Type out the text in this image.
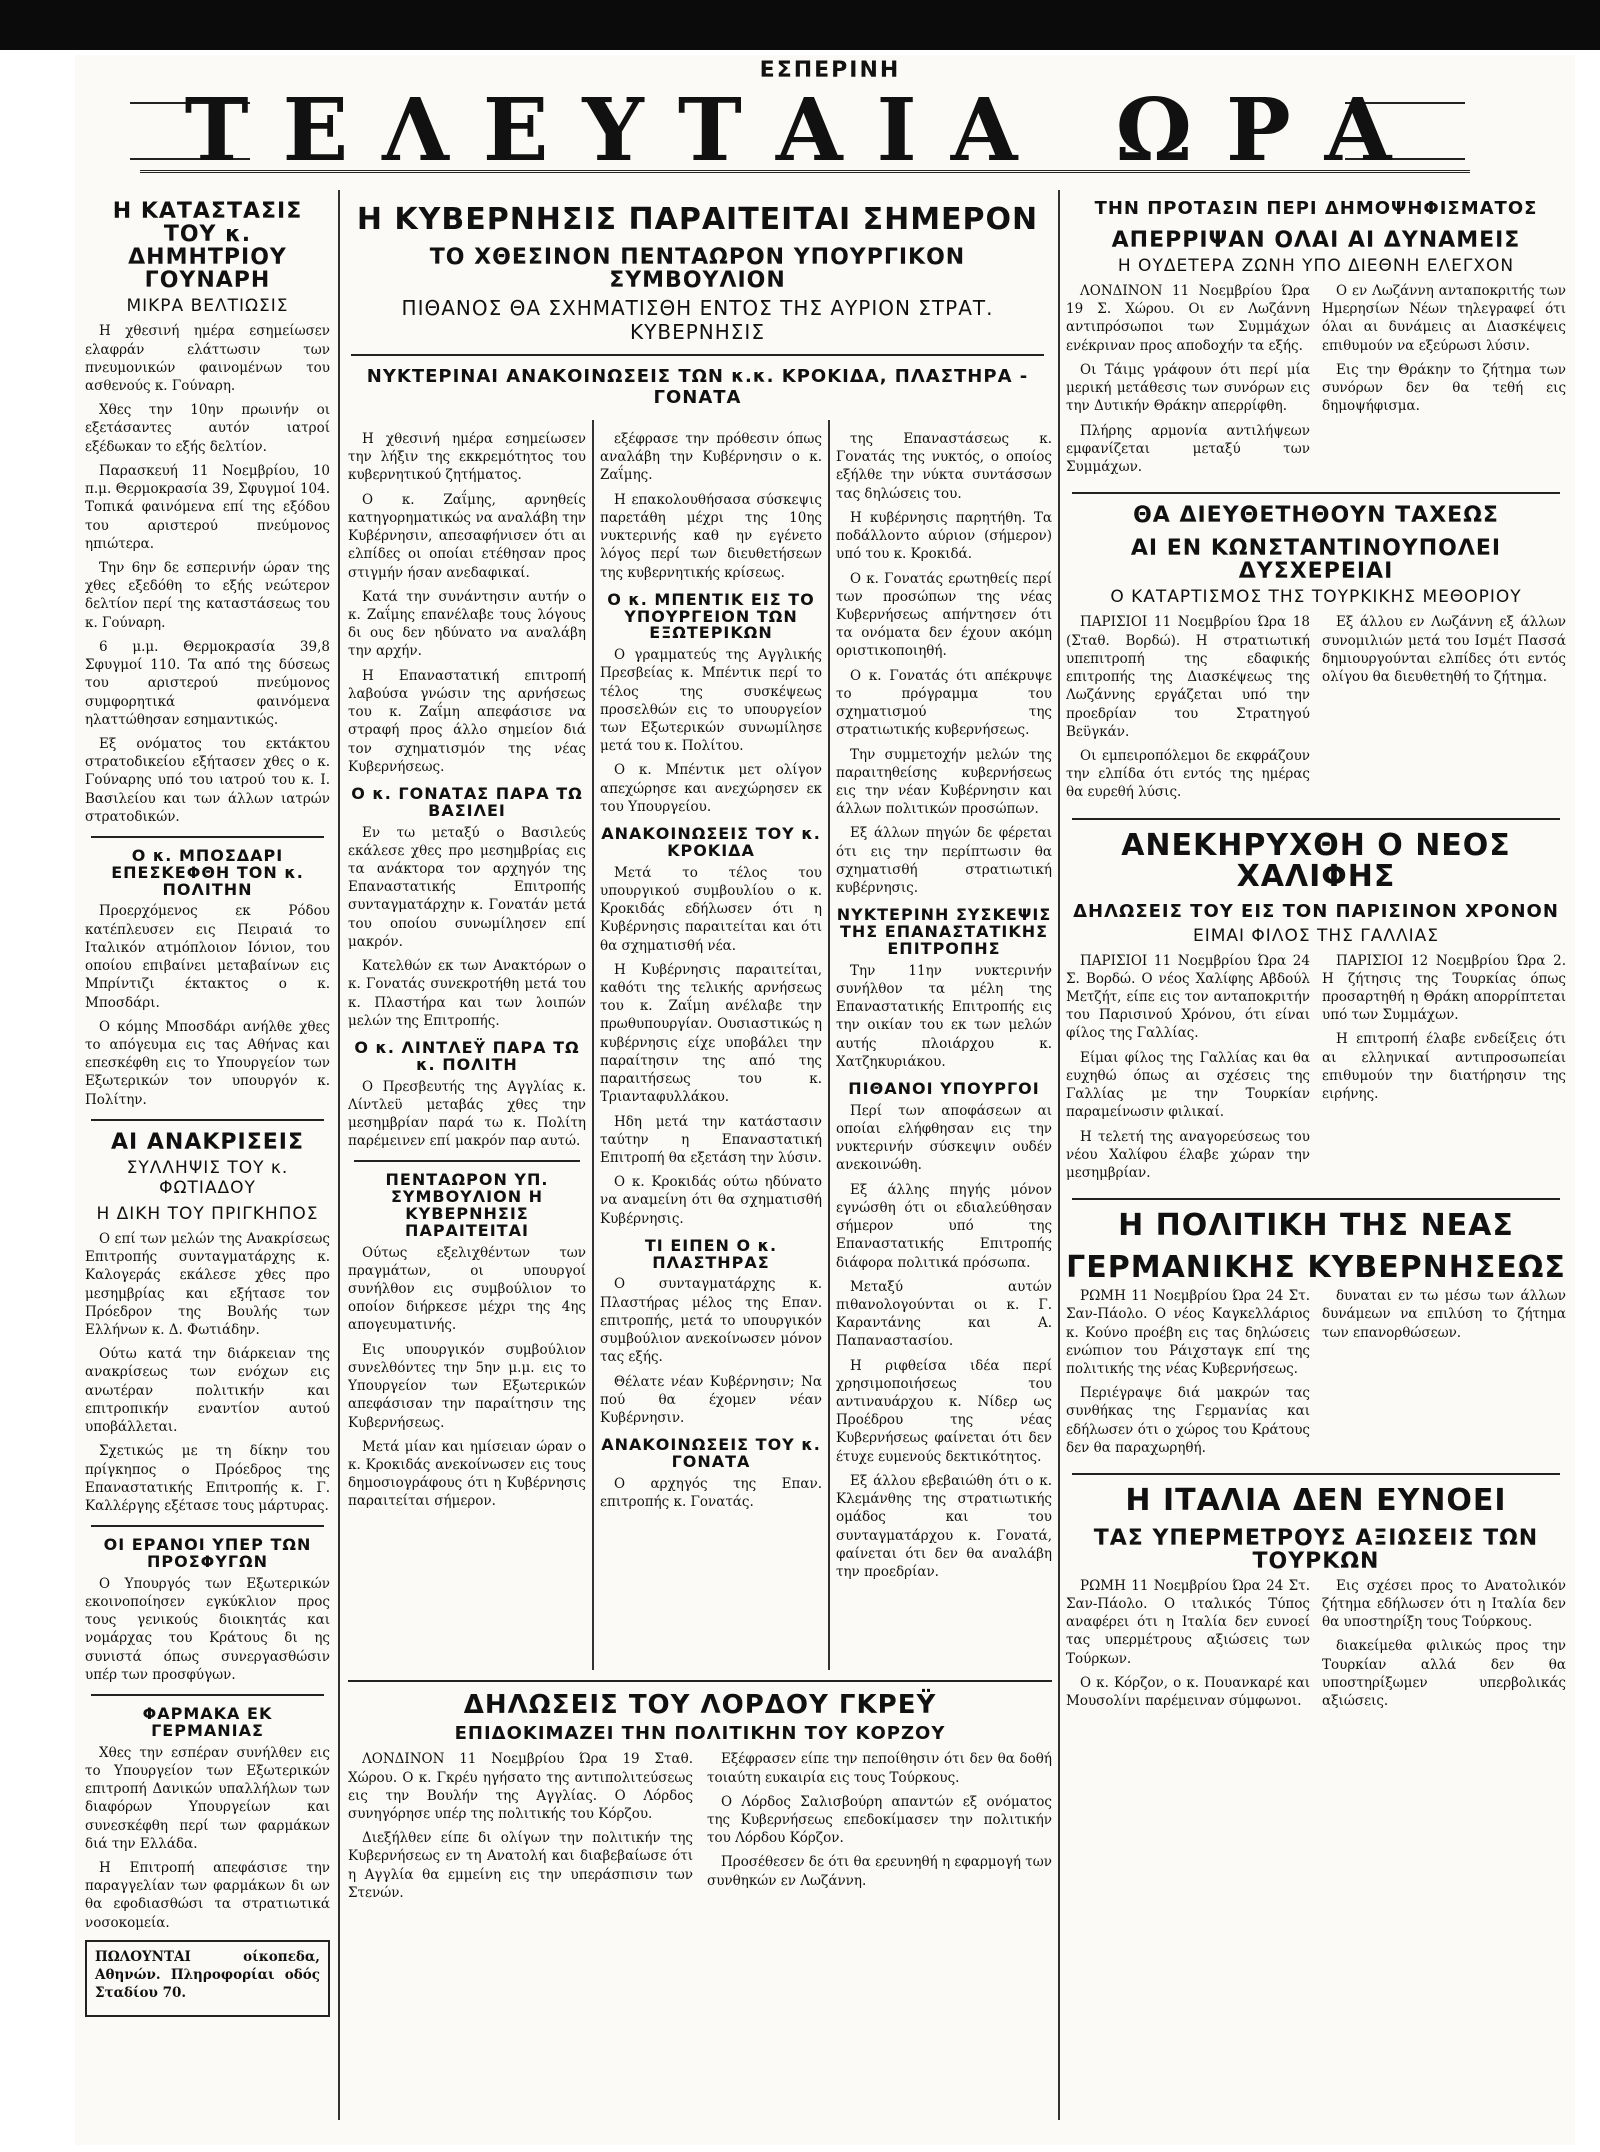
ΕΣΠΕΡΙΝΗ
ΤΕΛΕΥΤΑΙΑ ΩΡΑ
Η ΚΑΤΑΣΤΑΣΙΣ ΤΟΥ κ. ΔΗΜΗΤΡΙΟΥ ΓΟΥΝΑΡΗ
ΜΙΚΡΑ ΒΕΛΤΙΩΣΙΣ

Η χθεσινή ημέρα εσημείωσεν ελαφράν ελάττωσιν των πνευμονικών φαινομένων του ασθενούς κ. Γούναρη.

Χθες την 10ην πρωινήν οι εξετάσαντες αυτόν ιατροί εξέδωκαν το εξής δελτίον.

Παρασκευή 11 Νοεμβρίου, 10 π.μ. Θερμοκρασία 39, Σφυγμοί 104. Τοπικά φαινόμενα επί της εξόδου του αριστερού πνεύμονος ηπιώτερα.

Την 6ην δε εσπερινήν ώραν της χθες εξεδόθη το εξής νεώτερον δελτίον περί της καταστάσεως του κ. Γούναρη.

6 μ.μ. Θερμοκρασία 39,8 Σφυγμοί 110. Τα από της δύσεως του αριστερού πνεύμονος συμφορητικά φαινόμενα ηλαττώθησαν εσημαντικώς.

Εξ ονόματος του εκτάκτου στρατοδικείου εξήτασεν χθες ο κ. Γούναρης υπό του ιατρού του κ. Ι. Βασιλείου και των άλλων ιατρών στρατοδικών.

Ο κ. ΜΠΟΣΔΑΡΙ ΕΠΕΣΚΕΦΘΗ ΤΟΝ κ. ΠΟΛΙΤΗΝ

Προερχόμενος εκ Ρόδου κατέπλευσεν εις Πειραιά το Ιταλικόν ατμόπλοιον Ιόνιον, του οποίου επιβαίνει μεταβαίνων εις Μπρίντιζι έκτακτος ο κ. Μποσδάρι.

Ο κόμης Μποσδάρι ανήλθε χθες το απόγευμα εις τας Αθήνας και επεσκέφθη εις το Υπουργείον των Εξωτερικών τον υπουργόν κ. Πολίτην.

ΑΙ ΑΝΑΚΡΙΣΕΙΣ
ΣΥΛΛΗΨΙΣ ΤΟΥ κ. ΦΩΤΙΑΔΟΥ
Η ΔΙΚΗ ΤΟΥ ΠΡΙΓΚΗΠΟΣ

Ο επί των μελών της Ανακρίσεως Επιτροπής συνταγματάρχης κ. Καλογεράς εκάλεσε χθες προ μεσημβρίας και εξήτασε τον Πρόεδρον της Βουλής των Ελλήνων κ. Δ. Φωτιάδην.

Ούτω κατά την διάρκειαν της ανακρίσεως των ενόχων εις ανωτέραν πολιτικήν και επιτροπικήν εναντίον αυτού υποβάλλεται.

Σχετικώς με τη δίκην του πρίγκηπος ο Πρόεδρος της Επαναστατικής Επιτροπής κ. Γ. Καλλέργης εξέτασε τους μάρτυρας.

ΟΙ ΕΡΑΝΟΙ ΥΠΕΡ ΤΩΝ ΠΡΟΣΦΥΓΩΝ

Ο Υπουργός των Εξωτερικών εκοινοποίησεν εγκύκλιον προς τους γενικούς διοικητάς και νομάρχας του Κράτους δι ης συνιστά όπως συνεργασθώσιν υπέρ των προσφύγων.

ΦΑΡΜΑΚΑ ΕΚ ΓΕΡΜΑΝΙΑΣ

Χθες την εσπέραν συνήλθεν εις το Υπουργείον των Εξωτερικών επιτροπή Δανικών υπαλλήλων των διαφόρων Υπουργείων και συνεσκέφθη περί των φαρμάκων διά την Ελλάδα.

Η Επιτροπή απεφάσισε την παραγγελίαν των φαρμάκων δι ων θα εφοδιασθώσι τα στρατιωτικά νοσοκομεία.

ΠΩΛΟΥΝΤΑΙ οίκοπεδα, Αθηνών. Πληροφορίαι οδός Σταδίου 70.

Η ΚΥΒΕΡΝΗΣΙΣ ΠΑΡΑΙΤΕΙΤΑΙ ΣΗΜΕΡΟΝ
ΤΟ ΧΘΕΣΙΝΟΝ ΠΕΝΤΑΩΡΟΝ ΥΠΟΥΡΓΙΚΟΝ ΣΥΜΒΟΥΛΙΟΝ
ΠΙΘΑΝΟΣ ΘΑ ΣΧΗΜΑΤΙΣΘΗ ΕΝΤΟΣ ΤΗΣ ΑΥΡΙΟΝ ΣΤΡΑΤ. ΚΥΒΕΡΝΗΣΙΣ
ΝΥΚΤΕΡΙΝΑΙ ΑΝΑΚΟΙΝΩΣΕΙΣ ΤΩΝ κ.κ. ΚΡΟΚΙΔΑ, ΠΛΑΣΤΗΡΑ - ΓΟΝΑΤΑ

Η χθεσινή ημέρα εσημείωσεν την λήξιν της εκκρεμότητος του κυβερνητικού ζητήματος.

Ο κ. Ζαΐμης, αρνηθείς κατηγορηματικώς να αναλάβη την Κυβέρνησιν, απεσαφήνισεν ότι αι ελπίδες οι οποίαι ετέθησαν προς στιγμήν ήσαν ανεδαφικαί.

Κατά την συνάντησιν αυτήν ο κ. Ζαΐμης επανέλαβε τους λόγους δι ους δεν ηδύνατο να αναλάβη την αρχήν.

Η Επαναστατική επιτροπή λαβούσα γνώσιν της αρνήσεως του κ. Ζαΐμη απεφάσισε να στραφή προς άλλο σημείον διά τον σχηματισμόν της νέας Κυβερνήσεως.

Ο κ. ΓΟΝΑΤΑΣ ΠΑΡΑ ΤΩ ΒΑΣΙΛΕΙ

Εν τω μεταξύ ο Βασιλεύς εκάλεσε χθες προ μεσημβρίας εις τα ανάκτορα τον αρχηγόν της Επαναστατικής Επιτροπής συνταγματάρχην κ. Γονατάν μετά του οποίου συνωμίλησεν επί μακρόν.

Κατελθών εκ των Ανακτόρων ο κ. Γονατάς συνεκροτήθη μετά του κ. Πλαστήρα και των λοιπών μελών της Επιτροπής.

Ο κ. ΛΙΝΤΛΕΫ ΠΑΡΑ ΤΩ κ. ΠΟΛΙΤΗ

Ο Πρεσβευτής της Αγγλίας κ. Λίντλεϋ μεταβάς χθες την μεσημβρίαν παρά τω κ. Πολίτη παρέμεινεν επί μακρόν παρ αυτώ.

ΠΕΝΤΑΩΡΟΝ ΥΠ. ΣΥΜΒΟΥΛΙΟΝ Η ΚΥΒΕΡΝΗΣΙΣ ΠΑΡΑΙΤΕΙΤΑΙ

Ούτως εξελιχθέντων των πραγμάτων, οι υπουργοί συνήλθον εις συμβούλιον το οποίον διήρκεσε μέχρι της 4ης απογευματινής.

Εις υπουργικόν συμβούλιον συνελθόντες την 5ην μ.μ. εις το Υπουργείον των Εξωτερικών απεφάσισαν την παραίτησιν της Κυβερνήσεως.

Μετά μίαν και ημίσειαν ώραν ο κ. Κροκιδάς ανεκοίνωσεν εις τους δημοσιογράφους ότι η Κυβέρνησις παραιτείται σήμερον.

εξέφρασε την πρόθεσιν όπως αναλάβη την Κυβέρνησιν ο κ. Ζαΐμης.

Η επακολουθήσασα σύσκεψις παρετάθη μέχρι της 10ης νυκτερινής καθ ην εγένετο λόγος περί των διευθετήσεων της κυβερνητικής κρίσεως.

Ο κ. ΜΠΕΝΤΙΚ ΕΙΣ ΤΟ ΥΠΟΥΡΓΕΙΟΝ ΤΩΝ ΕΞΩΤΕΡΙΚΩΝ

Ο γραμματεύς της Αγγλικής Πρεσβείας κ. Μπέντικ περί το τέλος της συσκέψεως προσελθών εις το υπουργείον των Εξωτερικών συνωμίλησε μετά του κ. Πολίτου.

Ο κ. Μπέντικ μετ ολίγον απεχώρησε και ανεχώρησεν εκ του Υπουργείου.

ΑΝΑΚΟΙΝΩΣΕΙΣ ΤΟΥ κ. ΚΡΟΚΙΔΑ

Μετά το τέλος του υπουργικού συμβουλίου ο κ. Κροκιδάς εδήλωσεν ότι η Κυβέρνησις παραιτείται και ότι θα σχηματισθή νέα.

Η Κυβέρνησις παραιτείται, καθότι της τελικής αρνήσεως του κ. Ζαΐμη ανέλαβε την πρωθυπουργίαν. Ουσιαστικώς η κυβέρνησις είχε υποβάλει την παραίτησιν της από της παραιτήσεως του κ. Τριανταφυλλάκου.

Ηδη μετά την κατάστασιν ταύτην η Επαναστατική Επιτροπή θα εξετάση την λύσιν.

Ο κ. Κροκιδάς ούτω ηδύνατο να αναμείνη ότι θα σχηματισθή Κυβέρνησις.

ΤΙ ΕΙΠΕΝ Ο κ. ΠΛΑΣΤΗΡΑΣ

Ο συνταγματάρχης κ. Πλαστήρας μέλος της Επαν. επιτροπής, μετά το υπουργικόν συμβούλιον ανεκοίνωσεν μόνον τας εξής.

Θέλατε νέαν Κυβέρνησιν; Να πού θα έχομεν νέαν Κυβέρνησιν.

ΑΝΑΚΟΙΝΩΣΕΙΣ ΤΟΥ κ. ΓΟΝΑΤΑ

Ο αρχηγός της Επαν. επιτροπής κ. Γονατάς.

της Επαναστάσεως κ. Γονατάς της νυκτός, ο οποίος εξήλθε την νύκτα συντάσσων τας δηλώσεις του.

Η κυβέρνησις παρητήθη. Τα ποδάλλοντο αύριον (σήμερον) υπό του κ. Κροκιδά.

Ο κ. Γονατάς ερωτηθείς περί των προσώπων της νέας Κυβερνήσεως απήντησεν ότι τα ονόματα δεν έχουν ακόμη οριστικοποιηθή.

Ο κ. Γονατάς ότι απέκρυψε το πρόγραμμα του σχηματισμού της στρατιωτικής κυβερνήσεως.

Την συμμετοχήν μελών της παραιτηθείσης κυβερνήσεως εις την νέαν Κυβέρνησιν και άλλων πολιτικών προσώπων.

Εξ άλλων πηγών δε φέρεται ότι εις την περίπτωσιν θα σχηματισθή στρατιωτική κυβέρνησις.

ΝΥΚΤΕΡΙΝΗ ΣΥΣΚΕΨΙΣ ΤΗΣ ΕΠΑΝΑΣΤΑΤΙΚΗΣ ΕΠΙΤΡΟΠΗΣ

Την 11ην νυκτερινήν συνήλθον τα μέλη της Επαναστατικής Επιτροπής εις την οικίαν του εκ των μελών αυτής πλοιάρχου κ. Χατζηκυριάκου.

ΠΙΘΑΝΟΙ ΥΠΟΥΡΓΟΙ

Περί των αποφάσεων αι οποίαι ελήφθησαν εις την νυκτερινήν σύσκεψιν ουδέν ανεκοινώθη.

Εξ άλλης πηγής μόνον εγνώσθη ότι οι εδιαλεύθησαν σήμερον υπό της Επαναστατικής Επιτροπής διάφορα πολιτικά πρόσωπα.

Μεταξύ αυτών πιθανολογούνται οι κ. Γ. Καραντάνης και Α. Παπαναστασίου.

Η ριφθείσα ιδέα περί χρησιμοποιήσεως του αντιναυάρχου κ. Νίδερ ως Προέδρου της νέας Κυβερνήσεως φαίνεται ότι δεν έτυχε ευμενούς δεκτικότητος.

Εξ άλλου εβεβαιώθη ότι ο κ. Κλεμάνθης της στρατιωτικής ομάδος και του συνταγματάρχου κ. Γονατά, φαίνεται ότι δεν θα αναλάβη την προεδρίαν.

ΔΗΛΩΣΕΙΣ ΤΟΥ ΛΟΡΔΟΥ ΓΚΡΕΫ
ΕΠΙΔΟΚΙΜΑΖΕΙ ΤΗΝ ΠΟΛΙΤΙΚΗΝ ΤΟΥ ΚΟΡΖΟΥ

ΛΟΝΔΙΝΟΝ 11 Νοεμβρίου Ώρα 19 Σταθ. Χώρου. Ο κ. Γκρέυ ηγήσατο της αντιπολιτεύσεως εις την Βουλήν της Αγγλίας. Ο Λόρδος συνηγόρησε υπέρ της πολιτικής του Κόρζου.

Διεξήλθεν είπε δι ολίγων την πολιτικήν της Κυβερνήσεως εν τη Ανατολή και διαβεβαίωσε ότι η Αγγλία θα εμμείνη εις την υπεράσπισιν των Στενών.

Εξέφρασεν είπε την πεποίθησιν ότι δεν θα δοθή τοιαύτη ευκαιρία εις τους Τούρκους.

Ο Λόρδος Σαλισβούρη απαντών εξ ονόματος της Κυβερνήσεως επεδοκίμασεν την πολιτικήν του Λόρδου Κόρζον.

Προσέθεσεν δε ότι θα ερευνηθή η εφαρμογή των συνθηκών εν Λωζάννη.

ΤΗΝ ΠΡΟΤΑΣΙΝ ΠΕΡΙ ΔΗΜΟΨΗΦΙΣΜΑΤΟΣ
ΑΠΕΡΡΙΨΑΝ ΟΛΑΙ ΑΙ ΔΥΝΑΜΕΙΣ
Η ΟΥΔΕΤΕΡΑ ΖΩΝΗ ΥΠΟ ΔΙΕΘΝΗ ΕΛΕΓΧΟΝ

ΛΟΝΔΙΝΟΝ 11 Νοεμβρίου Ώρα 19 Σ. Χώρου. Οι εν Λωζάννη αντιπρόσωποι των Συμμάχων ενέκριναν προς αποδοχήν τα εξής.

Οι Τάιμς γράφουν ότι περί μία μερική μετάθεσις των συνόρων εις την Δυτικήν Θράκην απερρίφθη.

Πλήρης αρμονία αντιλήψεων εμφανίζεται μεταξύ των Συμμάχων.

Ο εν Λωζάννη ανταποκριτής των Ημερησίων Νέων τηλεγραφεί ότι όλαι αι δυνάμεις αι Διασκέψεις επιθυμούν να εξεύρωσι λύσιν.

Εις την Θράκην το ζήτημα των συνόρων δεν θα τεθή εις δημοψήφισμα.

ΘΑ ΔΙΕΥΘΕΤΗΘΟΥΝ ΤΑΧΕΩΣ
ΑΙ ΕΝ ΚΩΝΣΤΑΝΤΙΝΟΥΠΟΛΕΙ ΔΥΣΧΕΡΕΙΑΙ
Ο ΚΑΤΑΡΤΙΣΜΟΣ ΤΗΣ ΤΟΥΡΚΙΚΗΣ ΜΕΘΟΡΙΟΥ

ΠΑΡΙΣΙΟΙ 11 Νοεμβρίου Ώρα 18 (Σταθ. Βορδώ). Η στρατιωτική υπεπιτροπή της εδαφικής επιτροπής της Διασκέψεως της Λωζάννης εργάζεται υπό την προεδρίαν του Στρατηγού Βεϋγκάν.

Οι εμπειροπόλεμοι δε εκφράζουν την ελπίδα ότι εντός της ημέρας θα ευρεθή λύσις.

Εξ άλλου εν Λωζάννη εξ άλλων συνομιλιών μετά του Ισμέτ Πασσά δημιουργούνται ελπίδες ότι εντός ολίγου θα διευθετηθή το ζήτημα.

ΑΝΕΚΗΡΥΧΘΗ Ο ΝΕΟΣ ΧΑΛΙΦΗΣ
ΔΗΛΩΣΕΙΣ ΤΟΥ ΕΙΣ ΤΟΝ ΠΑΡΙΣΙΝΟΝ ΧΡΟΝΟΝ
ΕΙΜΑΙ ΦΙΛΟΣ ΤΗΣ ΓΑΛΛΙΑΣ

ΠΑΡΙΣΙΟΙ 11 Νοεμβρίου Ώρα 24 Σ. Βορδώ. Ο νέος Χαλίφης Αβδούλ Μετζήτ, είπε εις τον ανταποκριτήν του Παρισινού Χρόνου, ότι είναι φίλος της Γαλλίας.

Είμαι φίλος της Γαλλίας και θα ευχηθώ όπως αι σχέσεις της Γαλλίας με την Τουρκίαν παραμείνωσιν φιλικαί.

Η τελετή της αναγορεύσεως του νέου Χαλίφου έλαβε χώραν την μεσημβρίαν.

ΠΑΡΙΣΙΟΙ 12 Νοεμβρίου Ώρα 2. Η ζήτησις της Τουρκίας όπως προσαρτηθή η Θράκη απορρίπτεται υπό των Συμμάχων.

Η επιτροπή έλαβε ενδείξεις ότι αι ελληνικαί αντιπροσωπείαι επιθυμούν την διατήρησιν της ειρήνης.

Η ΠΟΛΙΤΙΚΗ ΤΗΣ ΝΕΑΣ
ΓΕΡΜΑΝΙΚΗΣ ΚΥΒΕΡΝΗΣΕΩΣ

ΡΩΜΗ 11 Νοεμβρίου Ώρα 24 Στ. Σαν-Πάολο. Ο νέος Καγκελλάριος κ. Κούνο προέβη εις τας δηλώσεις ενώπιον του Ράιχσταγκ επί της πολιτικής της νέας Κυβερνήσεως.

Περιέγραψε διά μακρών τας συνθήκας της Γερμανίας και εδήλωσεν ότι ο χώρος του Κράτους δεν θα παραχωρηθή.

δυναται εν τω μέσω των άλλων δυνάμεων να επιλύση το ζήτημα των επανορθώσεων.

Η ΙΤΑΛΙΑ ΔΕΝ ΕΥΝΟΕΙ
ΤΑΣ ΥΠΕΡΜΕΤΡΟΥΣ ΑΞΙΩΣΕΙΣ ΤΩΝ ΤΟΥΡΚΩΝ

ΡΩΜΗ 11 Νοεμβρίου Ώρα 24 Στ. Σαν-Πάολο. Ο ιταλικός Τύπος αναφέρει ότι η Ιταλία δεν ευνοεί τας υπερμέτρους αξιώσεις των Τούρκων.

Ο κ. Κόρζον, ο κ. Πουανκαρέ και Μουσολίνι παρέμειναν σύμφωνοι.

Εις σχέσει προς το Ανατολικόν ζήτημα εδήλωσεν ότι η Ιταλία δεν θα υποστηρίξη τους Τούρκους.

διακείμεθα φιλικώς προς την Τουρκίαν αλλά δεν θα υποστηρίξωμεν υπερβολικάς αξιώσεις.
